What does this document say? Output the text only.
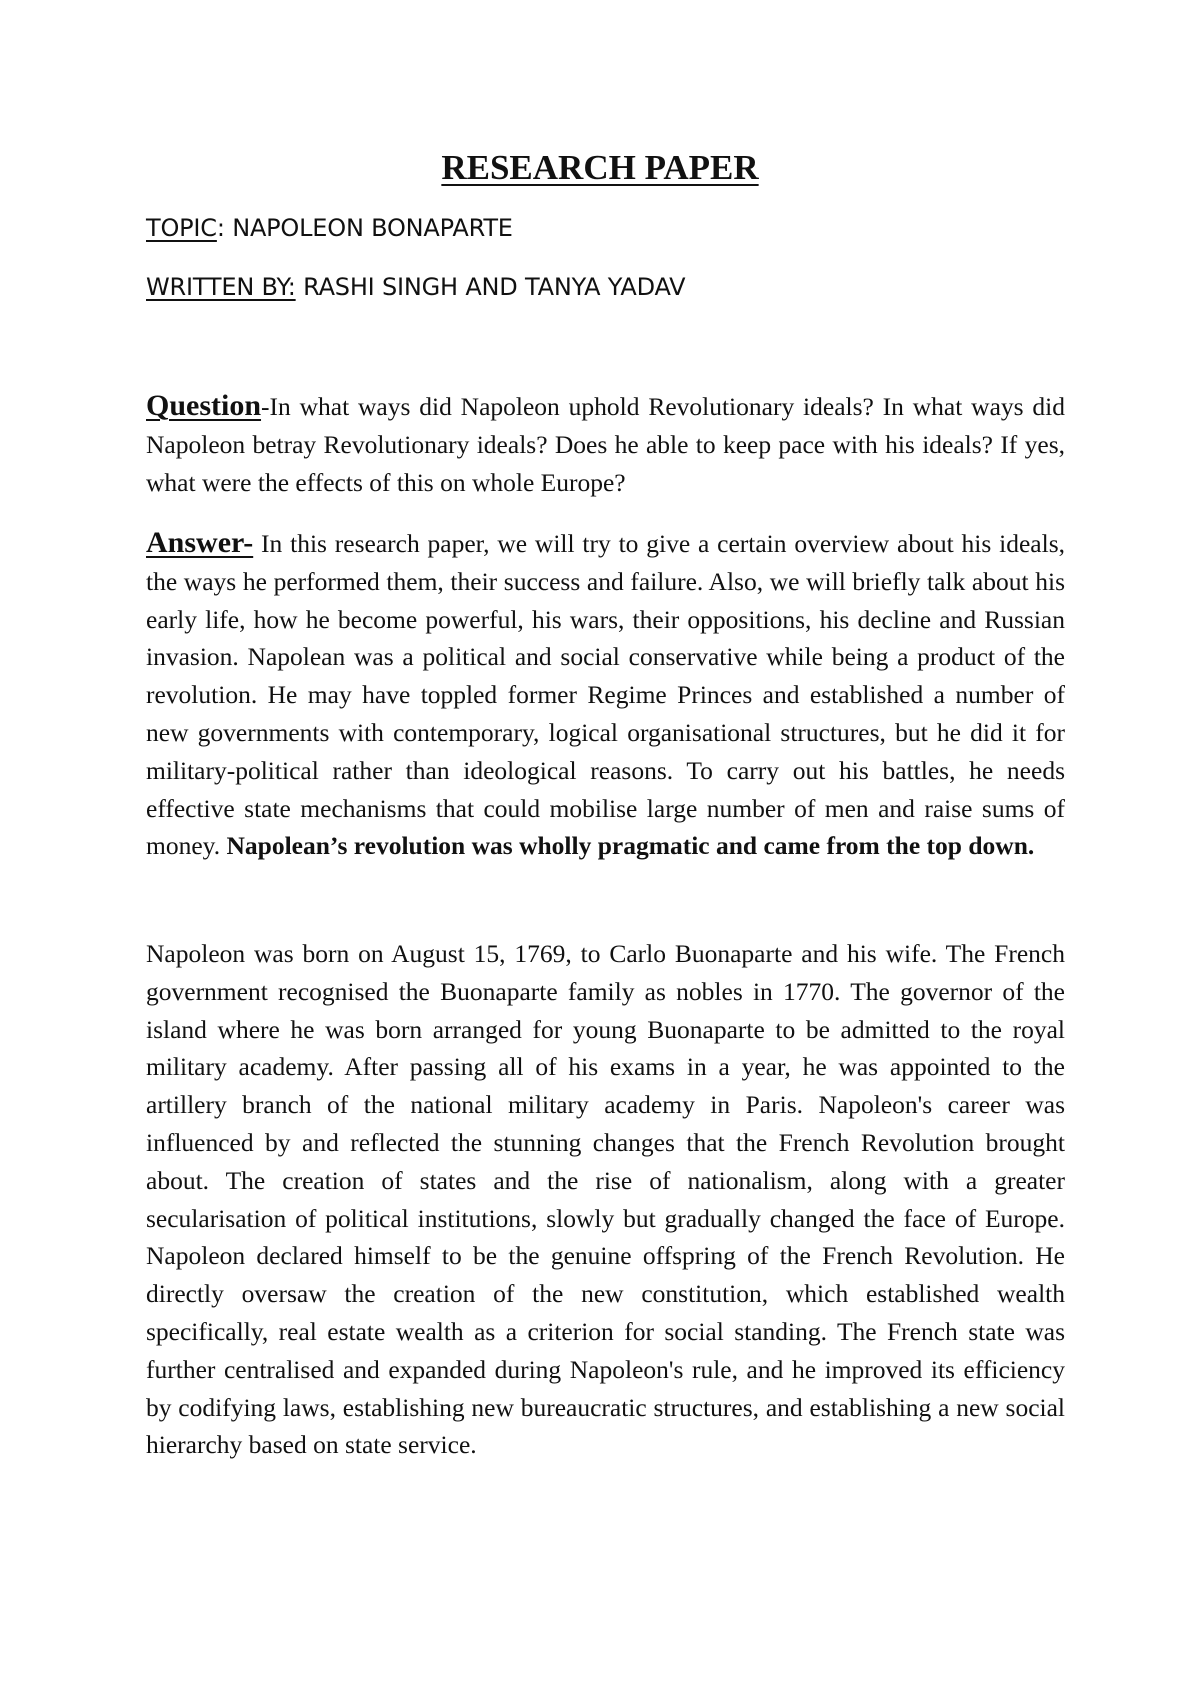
RESEARCH PAPER

TOPIC: NAPOLEON BONAPARTE

WRITTEN BY: RASHI SINGH AND TANYA YADAV

Question-In what ways did Napoleon uphold Revolutionary ideals? In what ways did Napoleon betray Revolutionary ideals? Does he able to keep pace with his ideals? If yes, what were the effects of this on whole Europe?

Answer- In this research paper, we will try to give a certain overview about his ideals, the ways he performed them, their success and failure. Also, we will briefly talk about his early life, how he become powerful, his wars, their oppositions, his decline and Russian invasion. Napolean was a political and social conservative while being a product of the revolution. He may have toppled former Regime Princes and established a number of new governments with contemporary, logical organisational structures, but he did it for military-political rather than ideological reasons. To carry out his battles, he needs effective state mechanisms that could mobilise large number of men and raise sums of money. Napolean’s revolution was wholly pragmatic and came from the top down.

Napoleon was born on August 15, 1769, to Carlo Buonaparte and his wife. The French government recognised the Buonaparte family as nobles in 1770. The governor of the island where he was born arranged for young Buonaparte to be admitted to the royal military academy. After passing all of his exams in a year, he was appointed to the artillery branch of the national military academy in Paris. Napoleon's career was influenced by and reflected the stunning changes that the French Revolution brought about. The creation of states and the rise of nationalism, along with a greater secularisation of political institutions, slowly but gradually changed the face of Europe. Napoleon declared himself to be the genuine offspring of the French Revolution. He directly oversaw the creation of the new constitution, which established wealth specifically, real estate wealth as a criterion for social standing. The French state was further centralised and expanded during Napoleon's rule, and he improved its efficiency by codifying laws, establishing new bureaucratic structures, and establishing a new social hierarchy based on state service.
